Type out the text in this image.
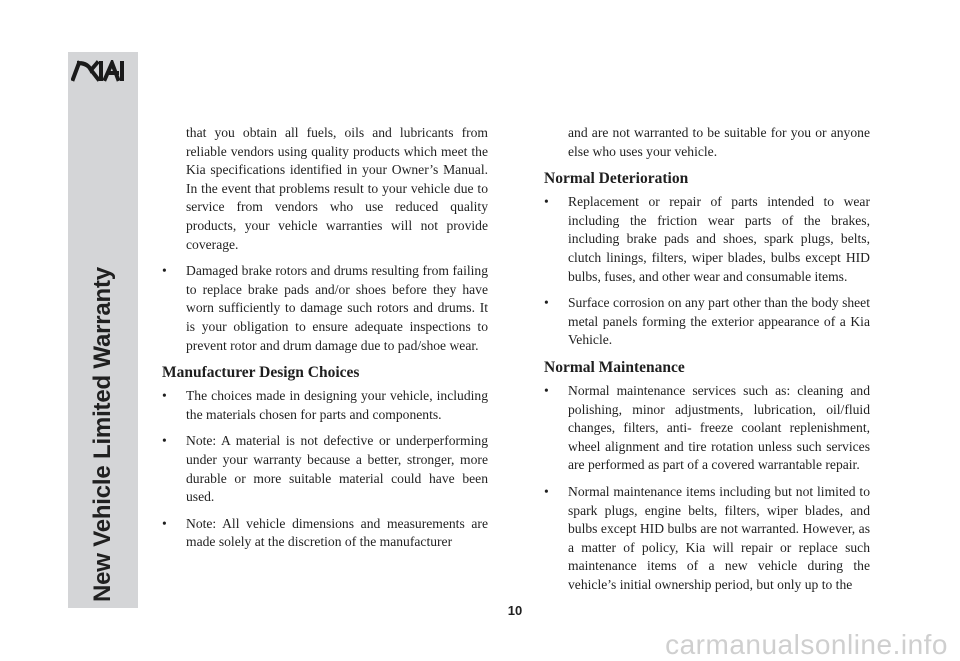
New Vehicle Limited Warranty

that you obtain all fuels, oils and lubricants from reliable vendors using quality products which meet the Kia specifications identified in your Owner’s Manual. In the event that problems result to your vehicle due to service from vendors who use reduced quality products, your vehicle warranties will not provide coverage.

• Damaged brake rotors and drums resulting from failing to replace brake pads and/or shoes before they have worn sufficiently to damage such rotors and drums. It is your obligation to ensure adequate inspections to prevent rotor and drum damage due to pad/shoe wear.
Manufacturer Design Choices
• The choices made in designing your vehicle, including the materials chosen for parts and components.
• Note: A material is not defective or underperforming under your warranty because a better, stronger, more durable or more suitable material could have been used.
• Note: All vehicle dimensions and measurements are made solely at the discretion of the manufacturer

and are not warranted to be suitable for you or anyone else who uses your vehicle.

Normal Deterioration
• Replacement or repair of parts intended to wear including the friction wear parts of the brakes, including brake pads and shoes, spark plugs, belts, clutch linings, filters, wiper blades, bulbs except HID bulbs, fuses, and other wear and consumable items.
• Surface corrosion on any part other than the body sheet metal panels forming the exterior appearance of a Kia Vehicle.
Normal Maintenance
• Normal maintenance services such as: cleaning and polishing, minor adjustments, lubrication, oil/fluid changes, filters, anti- freeze coolant replenishment, wheel alignment and tire rotation unless such services are performed as part of a covered warrantable repair.
• Normal maintenance items including but not limited to spark plugs, engine belts, filters, wiper blades, and bulbs except HID bulbs are not warranted. However, as a matter of policy, Kia will repair or replace such maintenance items of a new vehicle during the vehicle’s initial ownership period, but only up to the
10
carmanualsonline.info
